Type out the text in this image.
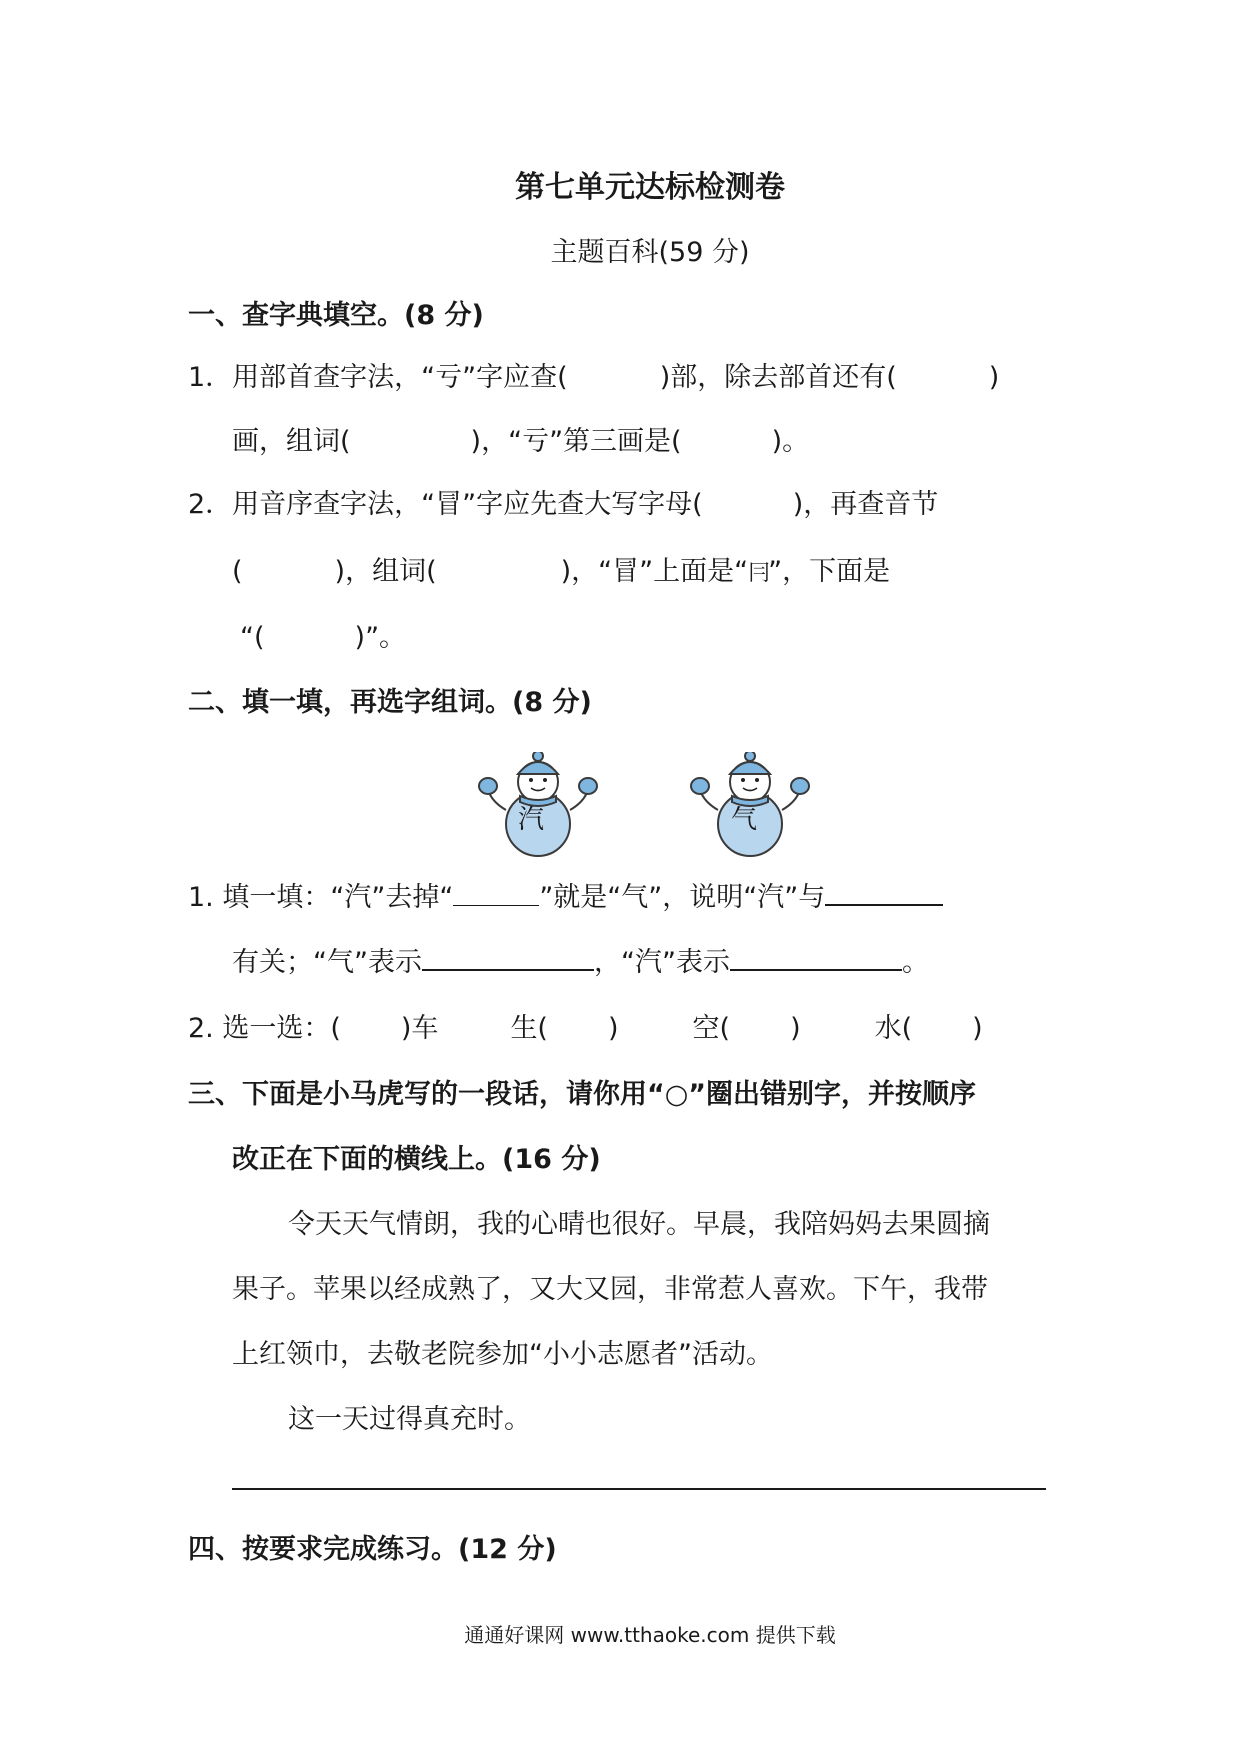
第七单元达标检测卷
主题百科(59 分)
一、查字典填空。(8 分)
1．用部首查字法，“亏”字应查(	)部，除去部首还有(	)
画，组词(	)，“亏”第三画是(	)。
2．用音序查字法，“冒”字应先查大写字母(	)，再查音节
(	)，组词(	)，“冒”上面是“冃”，下面是
“(	)”。
二、填一填，再选字组词。(8 分)
汽	气
1. 填一填：“汽”去掉“	”就是“气”，说明“汽”与
有关；“气”表示	，“汽”表示	。
2. 选一选：( )车	生( )	空( )	水( )
三、下面是小马虎写的一段话，请你用“○”圈出错别字，并按顺序
改正在下面的横线上。(16 分)
令天天气情朗，我的心晴也很好。早晨，我陪妈妈去果圆摘
果子。苹果以经成熟了，又大又园，非常惹人喜欢。下午，我带
上红领巾，去敬老院参加“小小志愿者”活动。
这一天过得真充时。
四、按要求完成练习。(12 分)
通通好课网 www.tthaoke.com 提供下载
